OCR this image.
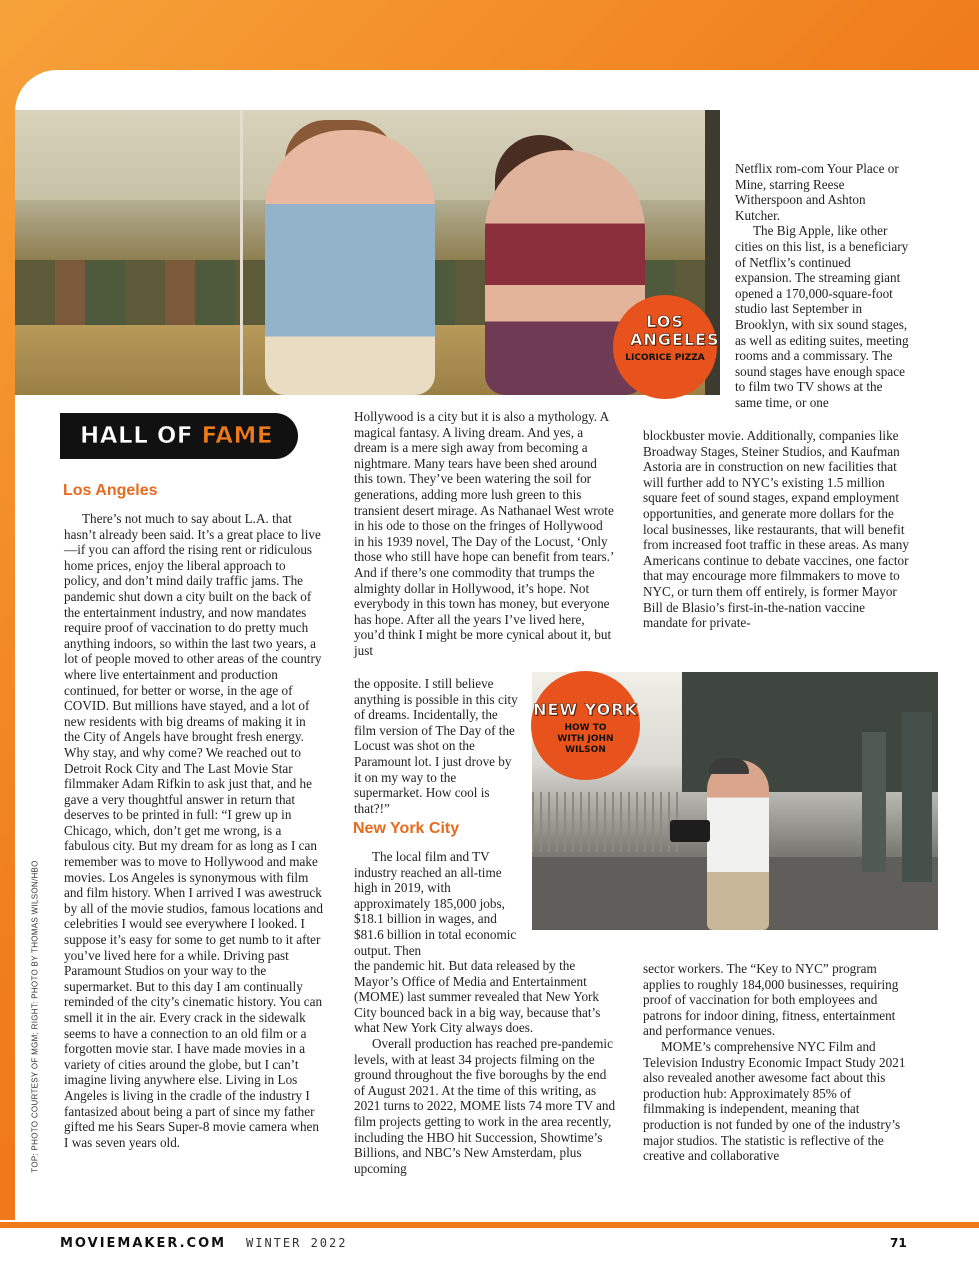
LOS ANGELES
LICORICE PIZZA
HALL OF FAME
Los Angeles

There’s not much to say about L.A. that hasn’t already been said. It’s a great place to live—if you can afford the rising rent or ridiculous home prices, enjoy the liberal approach to policy, and don’t mind daily traffic jams. The pandemic shut down a city built on the back of the entertainment industry, and now mandates require proof of vaccination to do pretty much anything indoors, so within the last two years, a lot of people moved to other areas of the country where live entertainment and production continued, for better or worse, in the age of COVID. But millions have stayed, and a lot of new residents with big dreams of making it in the City of Angels have brought fresh energy. Why stay, and why come? We reached out to Detroit Rock City and The Last Movie Star filmmaker Adam Rifkin to ask just that, and he gave a very thoughtful answer in return that deserves to be printed in full: “I grew up in Chicago, which, don’t get me wrong, is a fabulous city. But my dream for as long as I can remember was to move to Hollywood and make movies. Los Angeles is synonymous with film and film history. When I arrived I was awestruck by all of the movie studios, famous locations and celebrities I would see everywhere I looked. I suppose it’s easy for some to get numb to it after you’ve lived here for a while. Driving past Paramount Studios on your way to the supermarket. But to this day I am continually reminded of the city’s cinematic history. You can smell it in the air. Every crack in the sidewalk seems to have a connection to an old film or a forgotten movie star. I have made movies in a variety of cities around the globe, but I can’t imagine living anywhere else. Living in Los Angeles is living in the cradle of the industry I fantasized about being a part of since my father gifted me his Sears Super-8 movie camera when I was seven years old.

TOP: PHOTO COURTESY OF MGM; RIGHT: PHOTO BY THOMAS WILSON/HBO

Hollywood is a city but it is also a mythology. A magical fantasy. A living dream. And yes, a dream is a mere sigh away from becoming a nightmare. Many tears have been shed around this town. They’ve been watering the soil for generations, adding more lush green to this transient desert mirage. As Nathanael West wrote in his ode to those on the fringes of Hollywood in his 1939 novel, The Day of the Locust, ‘Only those who still have hope can benefit from tears.’ And if there’s one commodity that trumps the almighty dollar in Hollywood, it’s hope. Not everybody in this town has money, but everyone has hope. After all the years I’ve lived here, you’d think I might be more cynical about it, but just

the opposite. I still believe anything is possible in this city of dreams. Incidentally, the film version of The Day of the Locust was shot on the Paramount lot. I just drove by it on my way to the supermarket. How cool is that?!”

New York City

The local film and TV industry reached an all-time high in 2019, with approximately 185,000 jobs, $18.1 billion in wages, and $81.6 billion in total economic output. Then

the pandemic hit. But data released by the Mayor’s Office of Media and Entertainment (MOME) last summer revealed that New York City bounced back in a big way, because that’s what New York City always does.

Overall production has reached pre-pandemic levels, with at least 34 projects filming on the ground throughout the five boroughs by the end of August 2021. At the time of this writing, as 2021 turns to 2022, MOME lists 74 more TV and film projects getting to work in the area recently, including the HBO hit Succession, Showtime’s Billions, and NBC’s New Amsterdam, plus upcoming

Netflix rom-com Your Place or Mine, starring Reese Witherspoon and Ashton Kutcher.

The Big Apple, like other cities on this list, is a beneficiary of Netflix’s continued expansion. The streaming giant opened a 170,000-square-foot studio last September in Brooklyn, with six sound stages, as well as editing suites, meeting rooms and a commissary. The sound stages have enough space to film two TV shows at the same time, or one

blockbuster movie. Additionally, companies like Broadway Stages, Steiner Studios, and Kaufman Astoria are in construction on new facilities that will further add to NYC’s existing 1.5 million square feet of sound stages, expand employment opportunities, and generate more dollars for the local businesses, like restaurants, that will benefit from increased foot traffic in these areas. As many Americans continue to debate vaccines, one factor that may encourage more filmmakers to move to NYC, or turn them off entirely, is former Mayor Bill de Blasio’s first-in-the-nation vaccine mandate for private-

NEW YORK
HOW TO WITH JOHN WILSON

sector workers. The “Key to NYC” program applies to roughly 184,000 businesses, requiring proof of vaccination for both employees and patrons for indoor dining, fitness, entertainment and performance venues.

MOME’s comprehensive NYC Film and Television Industry Economic Impact Study 2021 also revealed another awesome fact about this production hub: Approximately 85% of filmmaking is independent, meaning that production is not funded by one of the industry’s major studios. The statistic is reflective of the creative and collaborative

MOVIEMAKER.COM WINTER 2022	71
